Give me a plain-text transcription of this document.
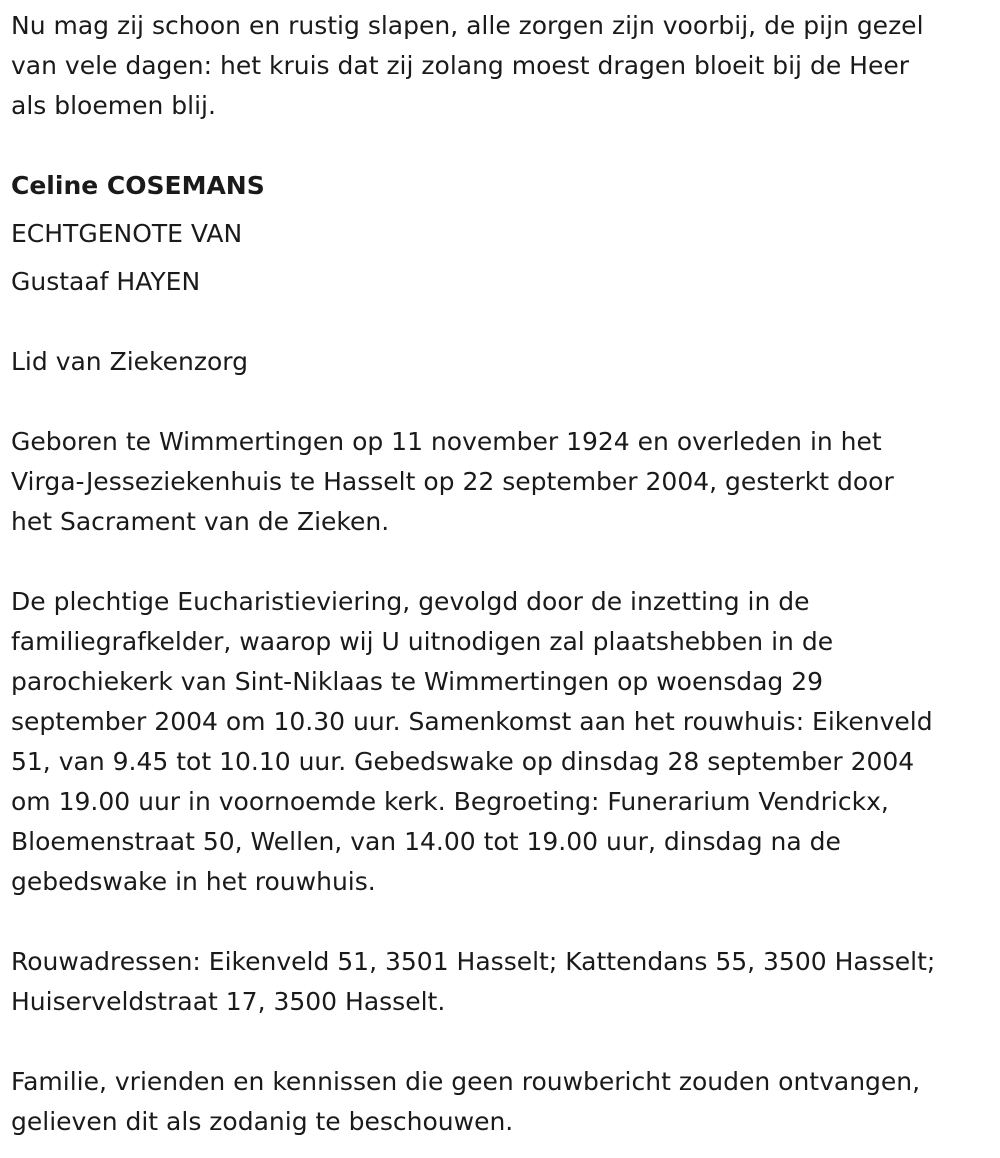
Nu mag zij schoon en rustig slapen, alle zorgen zijn voorbij, de pijn gezel
van vele dagen: het kruis dat zij zolang moest dragen bloeit bij de Heer
als bloemen blij.

Celine COSEMANS
ECHTGENOTE VAN
Gustaaf HAYEN
Lid van Ziekenzorg

Geboren te Wimmertingen op 11 november 1924 en overleden in het
Virga-Jesseziekenhuis te Hasselt op 22 september 2004, gesterkt door
het Sacrament van de Zieken.

De plechtige Eucharistieviering, gevolgd door de inzetting in de
familiegrafkelder, waarop wij U uitnodigen zal plaatshebben in de
parochiekerk van Sint-Niklaas te Wimmertingen op woensdag 29
september 2004 om 10.30 uur. Samenkomst aan het rouwhuis: Eikenveld
51, van 9.45 tot 10.10 uur. Gebedswake op dinsdag 28 september 2004
om 19.00 uur in voornoemde kerk. Begroeting: Funerarium Vendrickx,
Bloemenstraat 50, Wellen, van 14.00 tot 19.00 uur, dinsdag na de
gebedswake in het rouwhuis.

Rouwadressen: Eikenveld 51, 3501 Hasselt; Kattendans 55, 3500 Hasselt;
Huiserveldstraat 17, 3500 Hasselt.

Familie, vrienden en kennissen die geen rouwbericht zouden ontvangen,
gelieven dit als zodanig te beschouwen.
